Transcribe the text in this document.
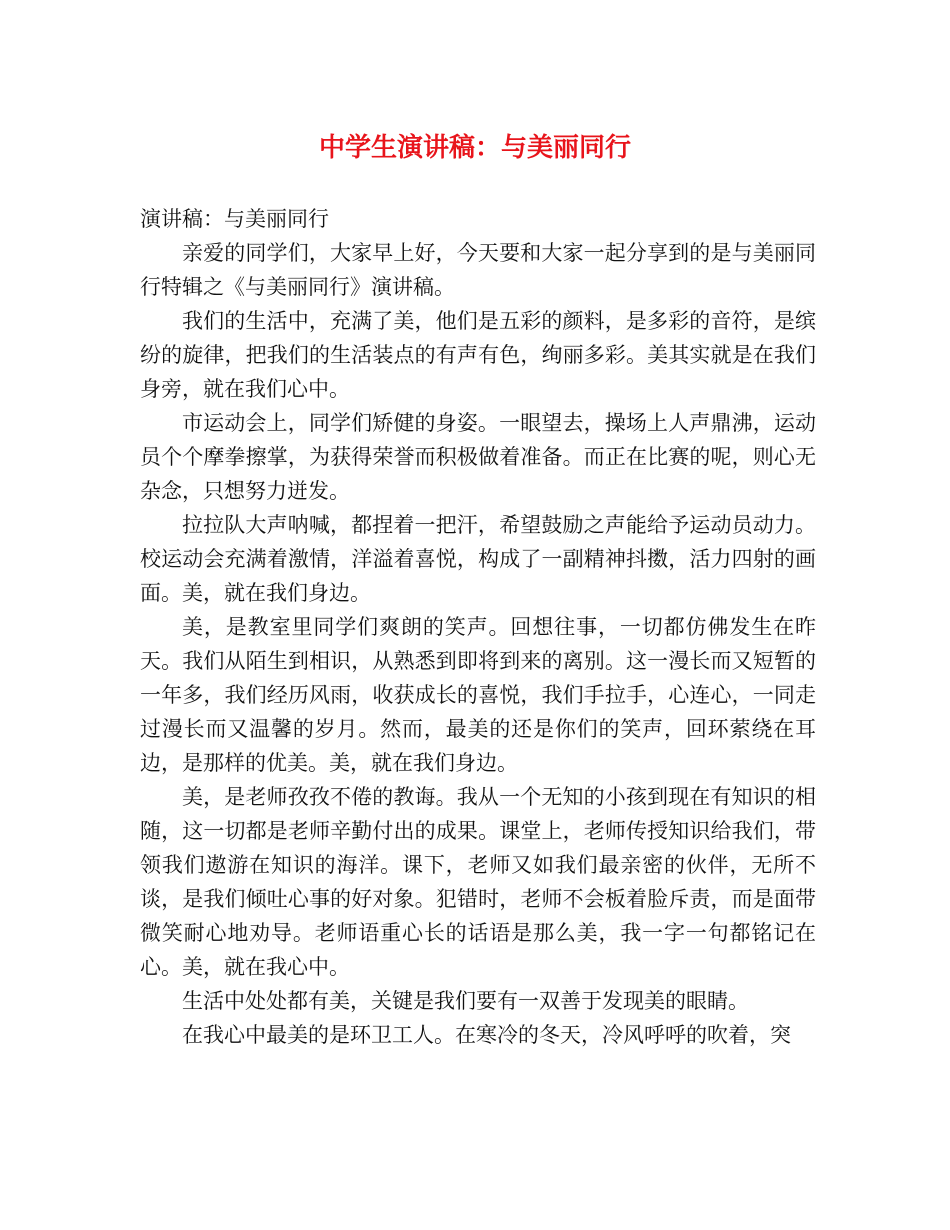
中学生演讲稿：与美丽同行

演讲稿：与美丽同行

亲爱的同学们，大家早上好，今天要和大家一起分享到的是与美丽同行特辑之《与美丽同行》演讲稿。

我们的生活中，充满了美，他们是五彩的颜料，是多彩的音符，是缤纷的旋律，把我们的生活装点的有声有色，绚丽多彩。美其实就是在我们身旁，就在我们心中。

市运动会上，同学们矫健的身姿。一眼望去，操场上人声鼎沸，运动员个个摩拳擦掌，为获得荣誉而积极做着准备。而正在比赛的呢，则心无杂念，只想努力迸发。

拉拉队大声呐喊，都捏着一把汗，希望鼓励之声能给予运动员动力。校运动会充满着激情，洋溢着喜悦，构成了一副精神抖擞，活力四射的画面。美，就在我们身边。

美，是教室里同学们爽朗的笑声。回想往事，一切都仿佛发生在昨天。我们从陌生到相识，从熟悉到即将到来的离别。这一漫长而又短暂的一年多，我们经历风雨，收获成长的喜悦，我们手拉手，心连心，一同走过漫长而又温馨的岁月。然而，最美的还是你们的笑声，回环萦绕在耳边，是那样的优美。美，就在我们身边。

美，是老师孜孜不倦的教诲。我从一个无知的小孩到现在有知识的相随，这一切都是老师辛勤付出的成果。课堂上，老师传授知识给我们，带领我们遨游在知识的海洋。课下，老师又如我们最亲密的伙伴，无所不谈，是我们倾吐心事的好对象。犯错时，老师不会板着脸斥责，而是面带微笑耐心地劝导。老师语重心长的话语是那么美，我一字一句都铭记在心。美，就在我心中。

生活中处处都有美，关键是我们要有一双善于发现美的眼睛。

在我心中最美的是环卫工人。在寒冷的冬天，冷风呼呼的吹着，突
